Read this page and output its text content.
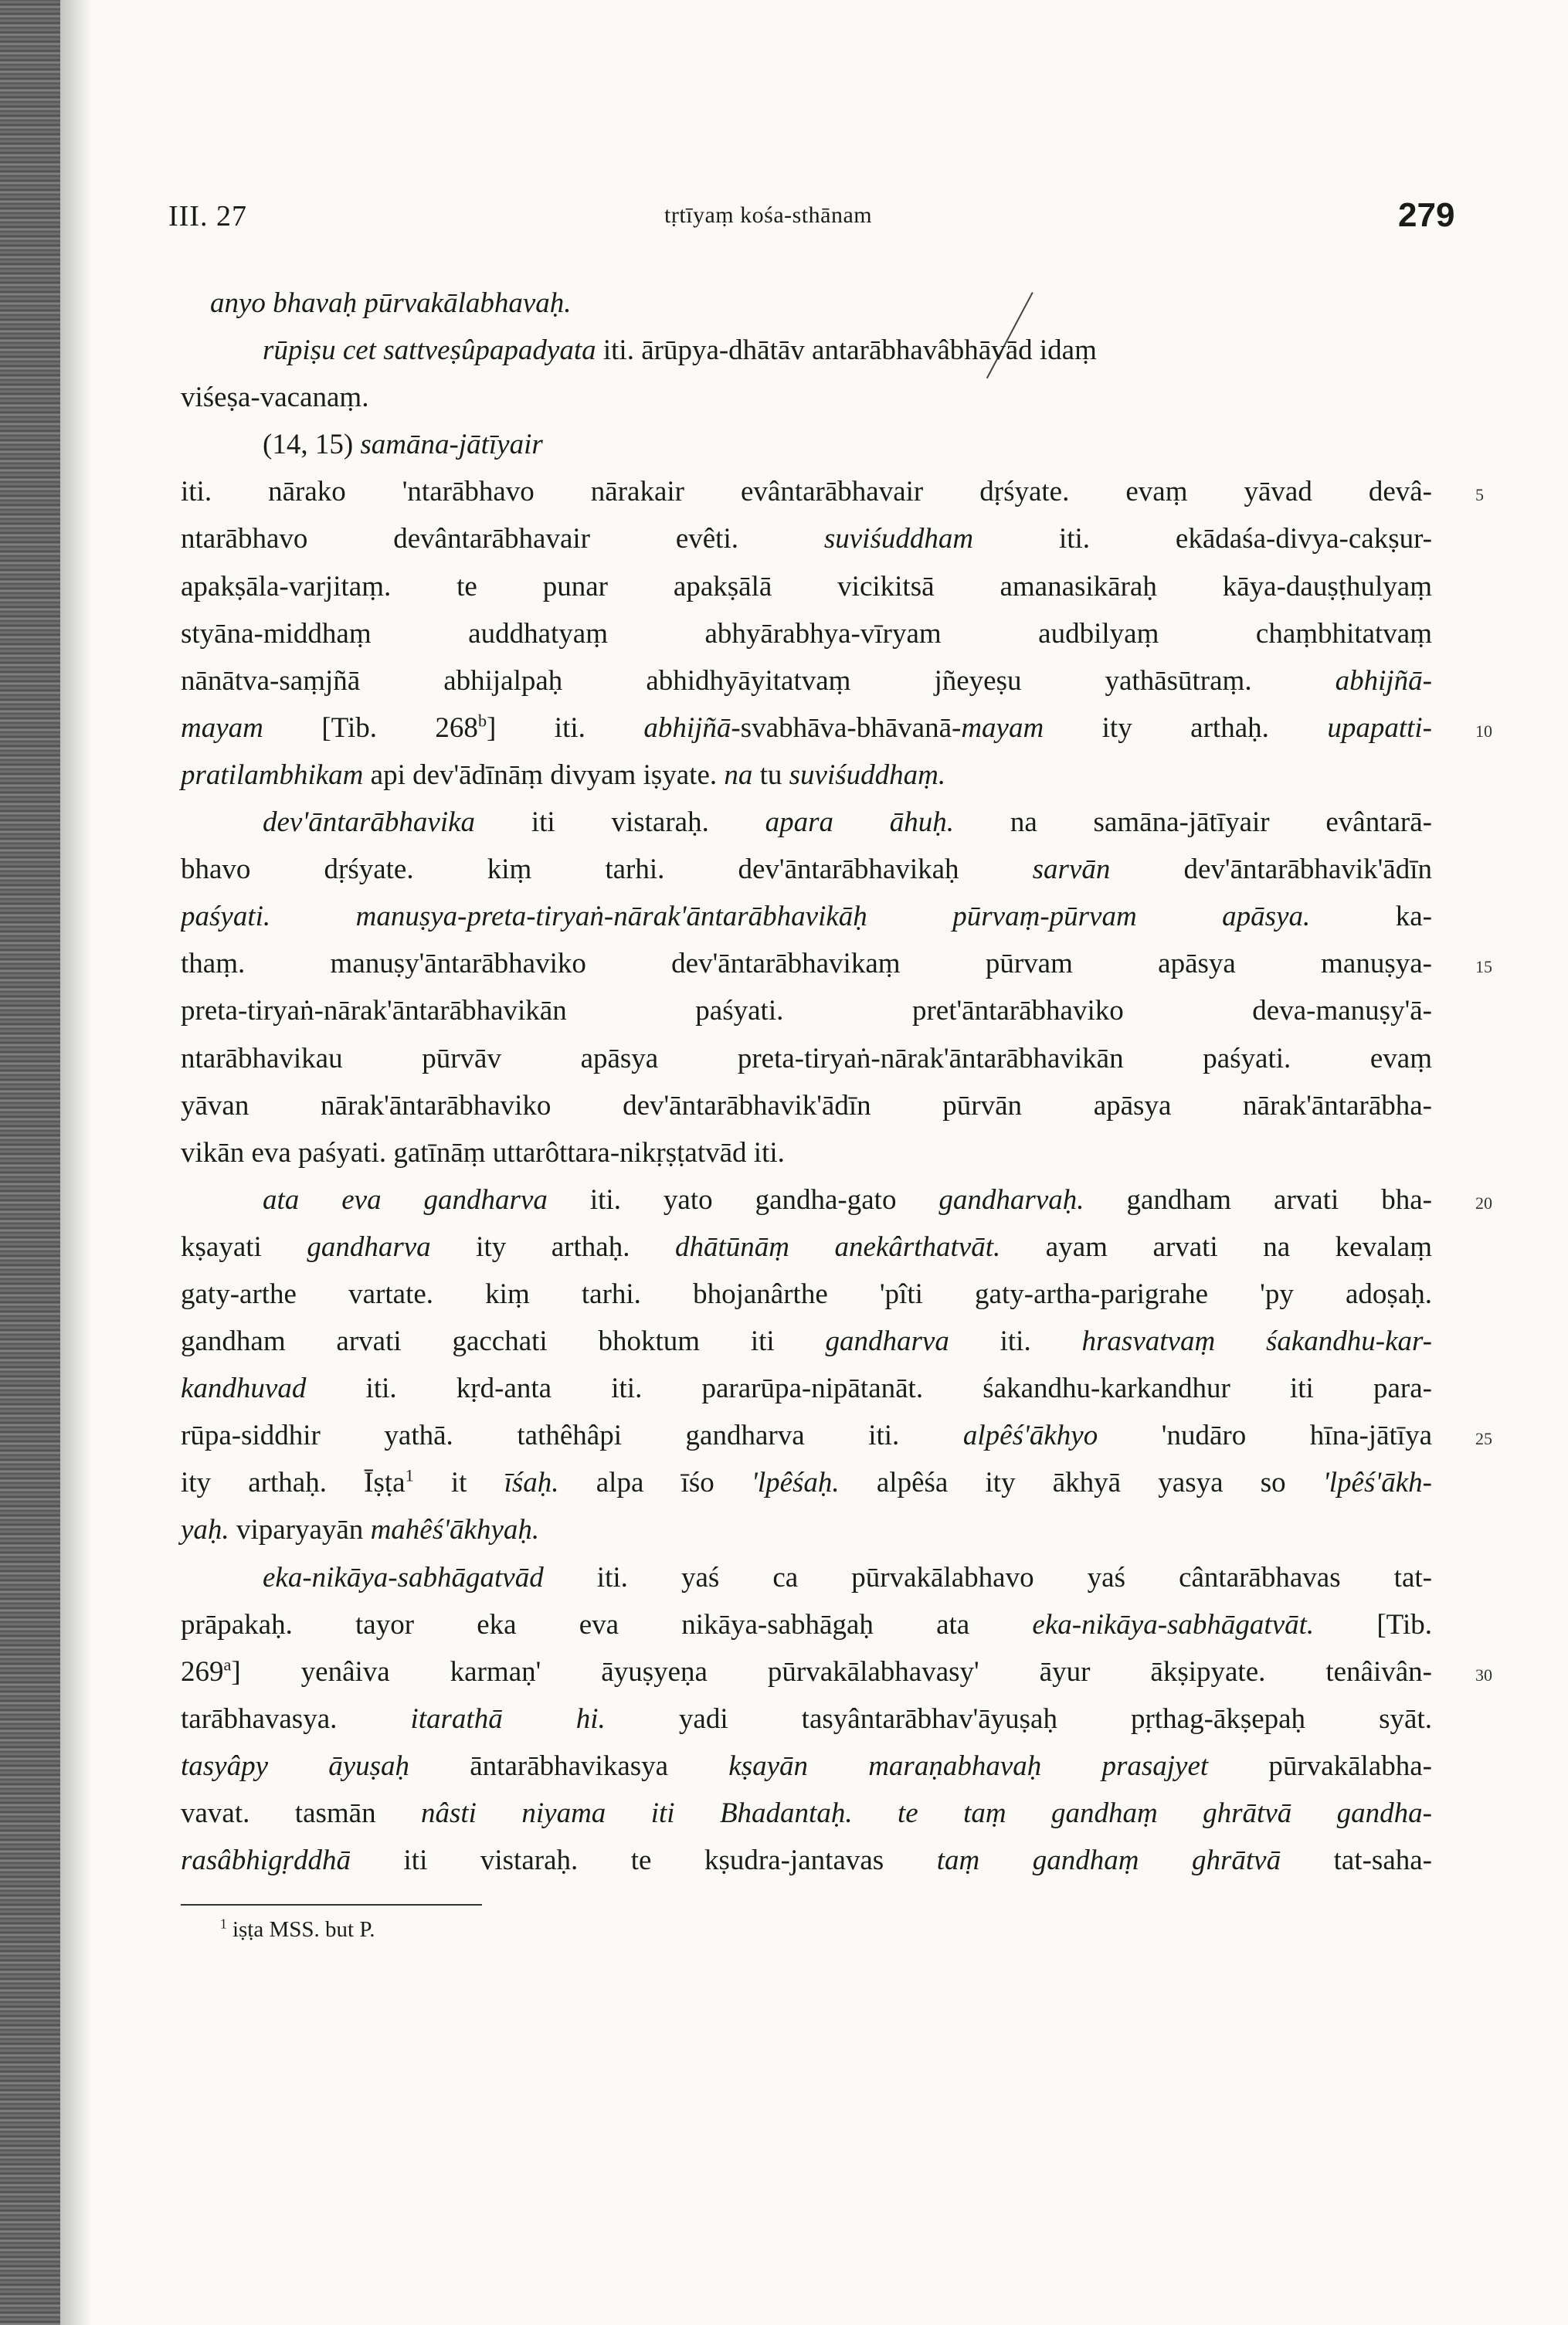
III. 27	tṛtīyaṃ kośa-sthānam	279
anyo bhavaḥ pūrvakālabhavaḥ.
rūpiṣu cet sattveṣûpapadyata iti. ārūpya-dhātāv antarābhavâbhāvād idaṃ
viśeṣa-vacanaṃ.
(14, 15) samāna-jātīyair
iti. nārako 'ntarābhavo nārakair evântarābhavair dṛśyate. evaṃ yāvad devâ-
ntarābhavo devântarābhavair evêti. suviśuddham iti. ekādaśa-divya-cakṣur-
apakṣāla-varjitaṃ. te punar apakṣālā vicikitsā amanasikāraḥ kāya-dauṣṭhulyaṃ
styāna-middhaṃ auddhatyaṃ abhyārabhya-vīryam audbilyaṃ chaṃbhitatvaṃ
nānātva-saṃjñā abhijalpaḥ abhidhyāyitatvaṃ jñeyeṣu yathāsūtraṃ. abhijñā-
mayam [Tib. 268$^b$] iti. abhijñā-svabhāva-bhāvanā-mayam ity arthaḥ. upapatti-
pratilambhikam api dev'ādīnāṃ divyam iṣyate. na tu suviśuddhaṃ.
dev'āntarābhavika iti vistaraḥ. apara āhuḥ. na samāna-jātīyair evântarā-
bhavo dṛśyate. kiṃ tarhi. dev'āntarābhavikaḥ sarvān dev'āntarābhavik'ādīn
paśyati. manuṣya-preta-tiryaṅ-nārak'āntarābhavikāḥ pūrvaṃ-pūrvam apāsya. ka-
thaṃ. manuṣy'āntarābhaviko dev'āntarābhavikaṃ pūrvam apāsya manuṣya-
preta-tiryaṅ-nārak'āntarābhavikān paśyati. pret'āntarābhaviko deva-manuṣy'ā-
ntarābhavikau pūrvāv apāsya preta-tiryaṅ-nārak'āntarābhavikān paśyati. evaṃ
yāvan nārak'āntarābhaviko dev'āntarābhavik'ādīn pūrvān apāsya nārak'āntarābha-
vikān eva paśyati. gatīnāṃ uttarôttara-nikṛṣṭatvād iti.
ata eva gandharva iti. yato gandha-gato gandharvaḥ. gandham arvati bha-
kṣayati gandharva ity arthaḥ. dhātūnāṃ anekârthatvāt. ayam arvati na kevalaṃ
gaty-arthe vartate. kiṃ tarhi. bhojanârthe 'pîti gaty-artha-parigrahe 'py adoṣaḥ.
gandham arvati gacchati bhoktum iti gandharva iti. hrasvatvaṃ śakandhu-kar-
kandhuvad iti. kṛd-anta iti. pararūpa-nipātanāt. śakandhu-karkandhur iti para-
rūpa-siddhir yathā. tathêhâpi gandharva iti. alpêś'ākhyo 'nudāro hīna-jātīya
ity arthaḥ. Īṣṭa$^1$ it īśaḥ. alpa īśo 'lpêśaḥ. alpêśa ity ākhyā yasya so 'lpêś'ākh-
yaḥ. viparyayān mahêś'ākhyaḥ.
eka-nikāya-sabhāgatvād iti. yaś ca pūrvakālabhavo yaś cântarābhavas tat-
prāpakaḥ. tayor eka eva nikāya-sabhāgaḥ ata eka-nikāya-sabhāgatvāt. [Tib.
269$^a$] yenâiva karmaṇ' āyuṣyeṇa pūrvakālabhavasy' āyur ākṣipyate. tenâivân-
tarābhavasya. itarathā hi. yadi tasyântarābhav'āyuṣaḥ pṛthag-ākṣepaḥ syāt.
tasyâpy āyuṣaḥ āntarābhavikasya kṣayān maraṇabhavaḥ prasajyet pūrvakālabha-
vavat. tasmān nâsti niyama iti Bhadantaḥ. te taṃ gandhaṃ ghrātvā gandha-
rasâbhigṛddhā iti vistaraḥ. te kṣudra-jantavas taṃ gandhaṃ ghrātvā tat-saha-
5
10
15
20
25
30
$^1$ iṣṭa MSS. but P.
